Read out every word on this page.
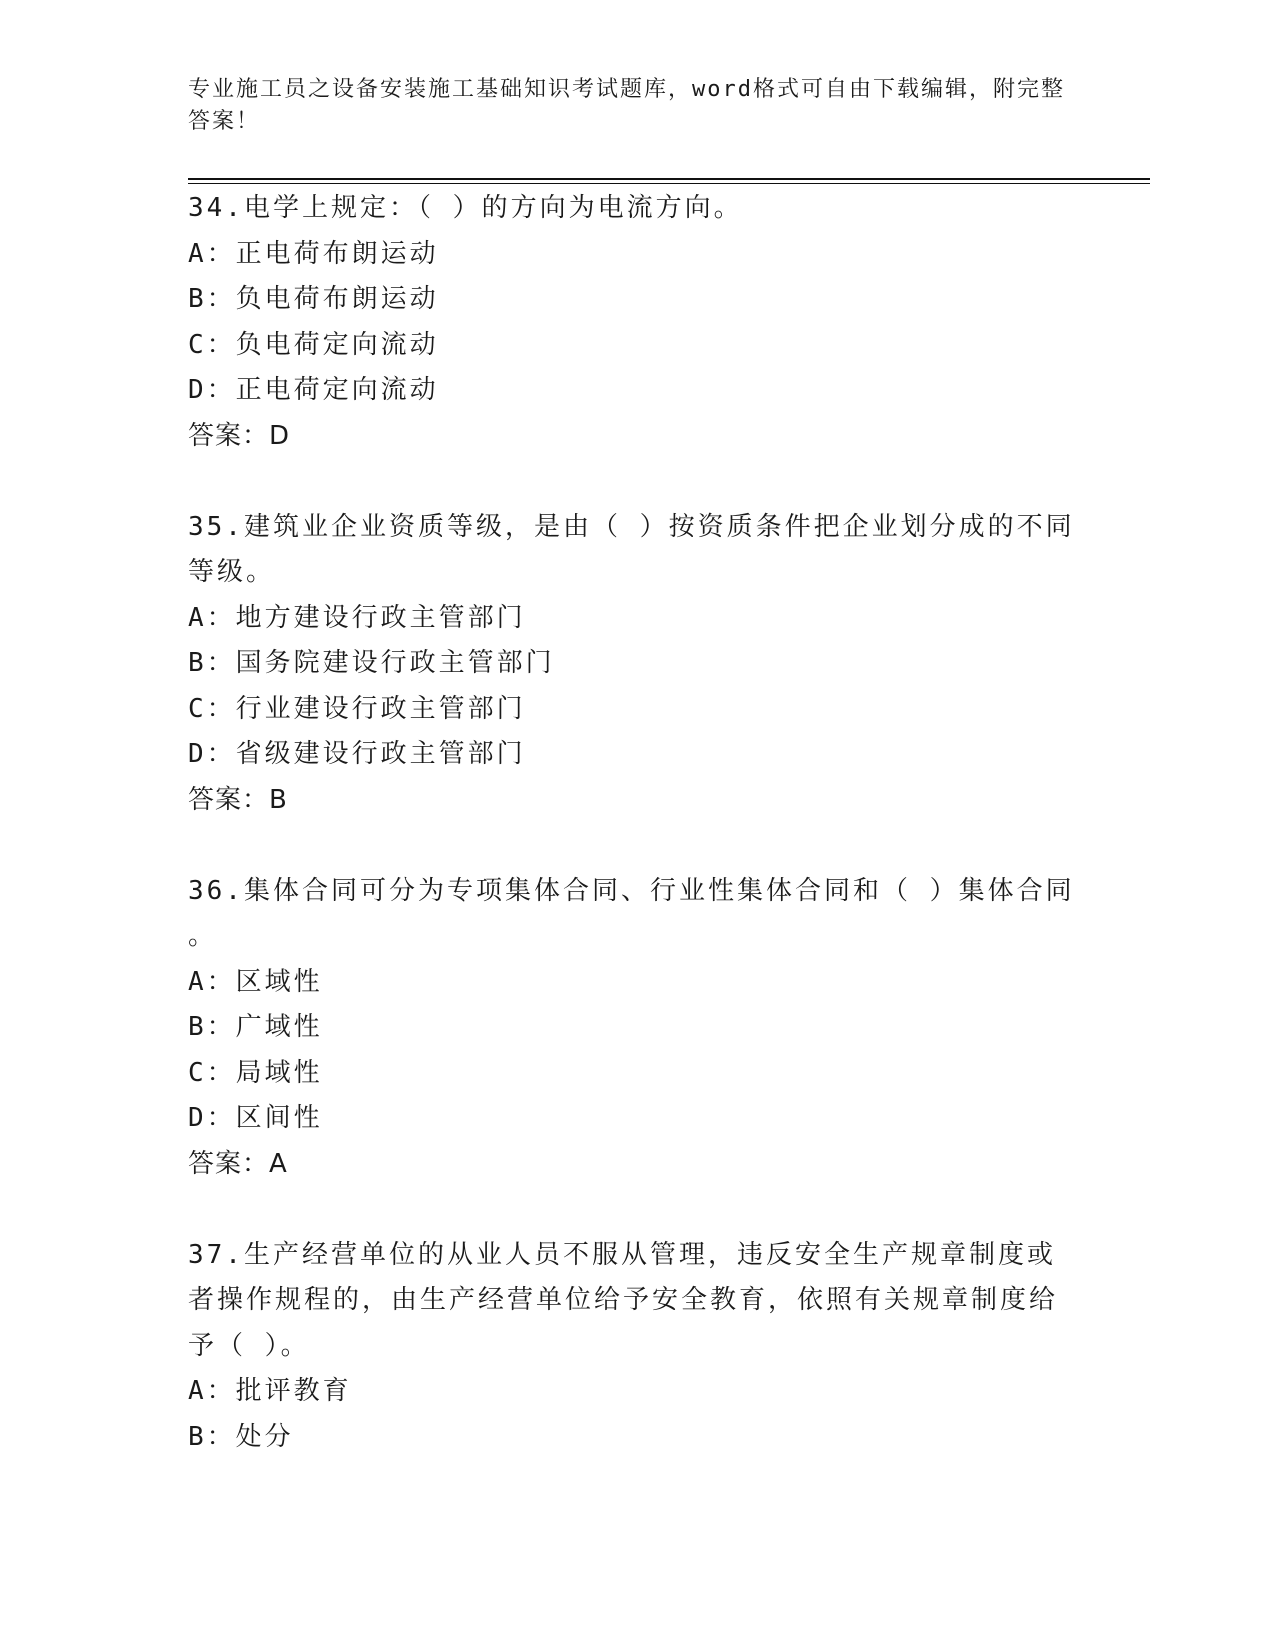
专业施工员之设备安装施工基础知识考试题库，word格式可自由下载编辑，附完整答案！

34.电学上规定：（ ）的方向为电流方向。

A：正电荷布朗运动

B：负电荷布朗运动

C：负电荷定向流动

D：正电荷定向流动

答案：D

35.建筑业企业资质等级，是由（ ）按资质条件把企业划分成的不同等级。

A：地方建设行政主管部门

B：国务院建设行政主管部门

C：行业建设行政主管部门

D：省级建设行政主管部门

答案：B

36.集体合同可分为专项集体合同、行业性集体合同和（ ）集体合同
。

A：区域性

B：广域性

C：局域性

D：区间性

答案：A

37.生产经营单位的从业人员不服从管理，违反安全生产规章制度或者操作规程的，由生产经营单位给予安全教育，依照有关规章制度给予（ ）。

A：批评教育

B：处分
